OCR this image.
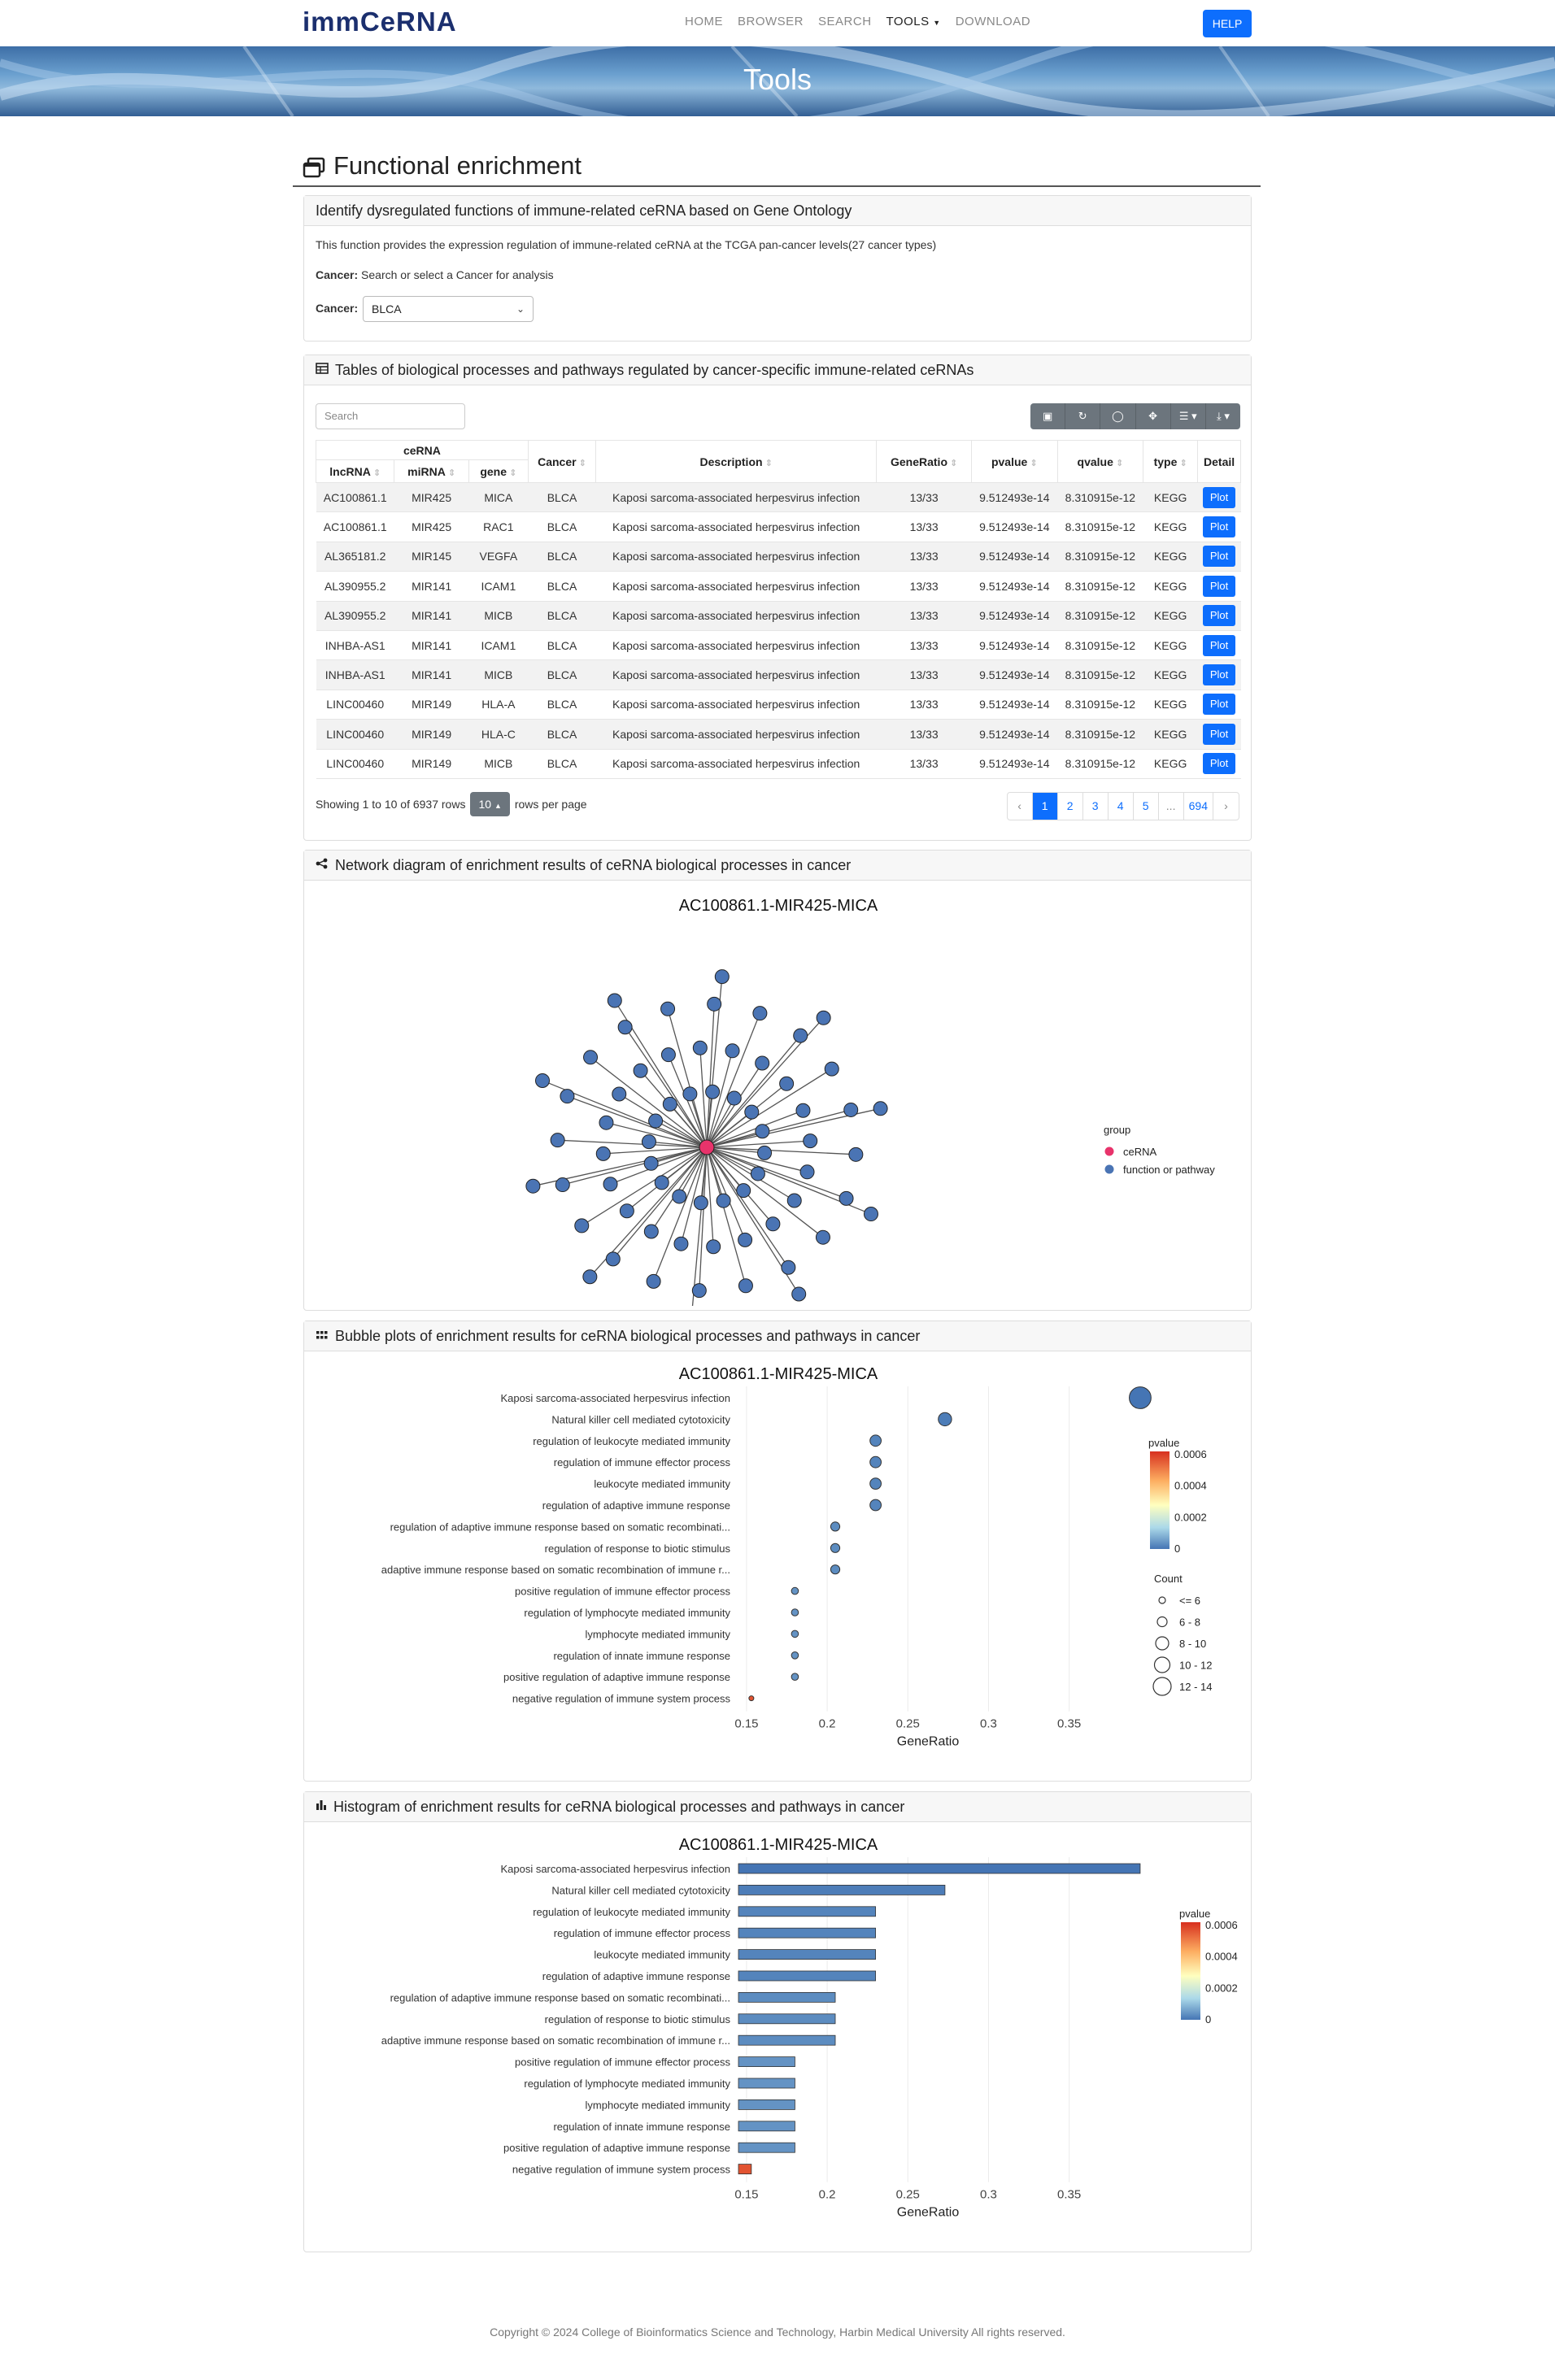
immCeRNA	HOME BROWSER SEARCH TOOLS ▼ DOWNLOAD	HELP
Tools
Functional enrichment
Identify dysregulated functions of immune-related ceRNA based on Gene Ontology
This function provides the expression regulation of immune-related ceRNA at the TCGA pan-cancer levels(27 cancer types)
Cancer: Search or select a Cancer for analysis
Cancer:	BLCA	⌄
Tables of biological processes and pathways regulated by cancer-specific immune-related ceRNAs
Search	▣	↻	◯	✥	☰ ▾	⤓ ▾
ceRNA			Cancer ⇕	Description ⇕	GeneRatio ⇕	pvalue ⇕	qvalue ⇕	type ⇕	Detail
lncRNA ⇕	miRNA ⇕	gene ⇕
AC100861.1	MIR425	MICA	BLCA	Kaposi sarcoma-associated herpesvirus infection	13/33	9.512493e-14	8.310915e-12	KEGG	Plot
AC100861.1	MIR425	RAC1	BLCA	Kaposi sarcoma-associated herpesvirus infection	13/33	9.512493e-14	8.310915e-12	KEGG	Plot
AL365181.2	MIR145	VEGFA	BLCA	Kaposi sarcoma-associated herpesvirus infection	13/33	9.512493e-14	8.310915e-12	KEGG	Plot
AL390955.2	MIR141	ICAM1	BLCA	Kaposi sarcoma-associated herpesvirus infection	13/33	9.512493e-14	8.310915e-12	KEGG	Plot
AL390955.2	MIR141	MICB	BLCA	Kaposi sarcoma-associated herpesvirus infection	13/33	9.512493e-14	8.310915e-12	KEGG	Plot
INHBA-AS1	MIR141	ICAM1	BLCA	Kaposi sarcoma-associated herpesvirus infection	13/33	9.512493e-14	8.310915e-12	KEGG	Plot
INHBA-AS1	MIR141	MICB	BLCA	Kaposi sarcoma-associated herpesvirus infection	13/33	9.512493e-14	8.310915e-12	KEGG	Plot
LINC00460	MIR149	HLA-A	BLCA	Kaposi sarcoma-associated herpesvirus infection	13/33	9.512493e-14	8.310915e-12	KEGG	Plot
LINC00460	MIR149	HLA-C	BLCA	Kaposi sarcoma-associated herpesvirus infection	13/33	9.512493e-14	8.310915e-12	KEGG	Plot
LINC00460	MIR149	MICB	BLCA	Kaposi sarcoma-associated herpesvirus infection	13/33	9.512493e-14	8.310915e-12	KEGG	Plot
Showing 1 to 10 of 6937 rows	10 ▲	rows per page	‹	1	2	3	4	5	...	694	›
Network diagram of enrichment results of ceRNA biological processes in cancer
AC100861.1-MIR425-MICA
group
ceRNA
function or pathway
Bubble plots of enrichment results for ceRNA biological processes and pathways in cancer
AC100861.1-MIR425-MICA
0.15	0.2	0.25	0.3	0.35
GeneRatio
Kaposi sarcoma-associated herpesvirus infection
Natural killer cell mediated cytotoxicity
regulation of leukocyte mediated immunity
regulation of immune effector process
leukocyte mediated immunity
regulation of adaptive immune response
regulation of adaptive immune response based on somatic recombinati...
regulation of response to biotic stimulus
adaptive immune response based on somatic recombination of immune r...
positive regulation of immune effector process
regulation of lymphocyte mediated immunity
lymphocyte mediated immunity
regulation of innate immune response
positive regulation of adaptive immune response
negative regulation of immune system process
pvalue
0.0006
0.0004
0.0002
0
Count
<= 6
6 - 8
8 - 10
10 - 12
12 - 14
Histogram of enrichment results for ceRNA biological processes and pathways in cancer
AC100861.1-MIR425-MICA
0.15	0.2	0.25	0.3	0.35
GeneRatio
Kaposi sarcoma-associated herpesvirus infection
Natural killer cell mediated cytotoxicity
regulation of leukocyte mediated immunity
regulation of immune effector process
leukocyte mediated immunity
regulation of adaptive immune response
regulation of adaptive immune response based on somatic recombinati...
regulation of response to biotic stimulus
adaptive immune response based on somatic recombination of immune r...
positive regulation of immune effector process
regulation of lymphocyte mediated immunity
lymphocyte mediated immunity
regulation of innate immune response
positive regulation of adaptive immune response
negative regulation of immune system process
pvalue
0.0006
0.0004
0.0002
0
Copyright © 2024 College of Bioinformatics Science and Technology, Harbin Medical University All rights reserved.
